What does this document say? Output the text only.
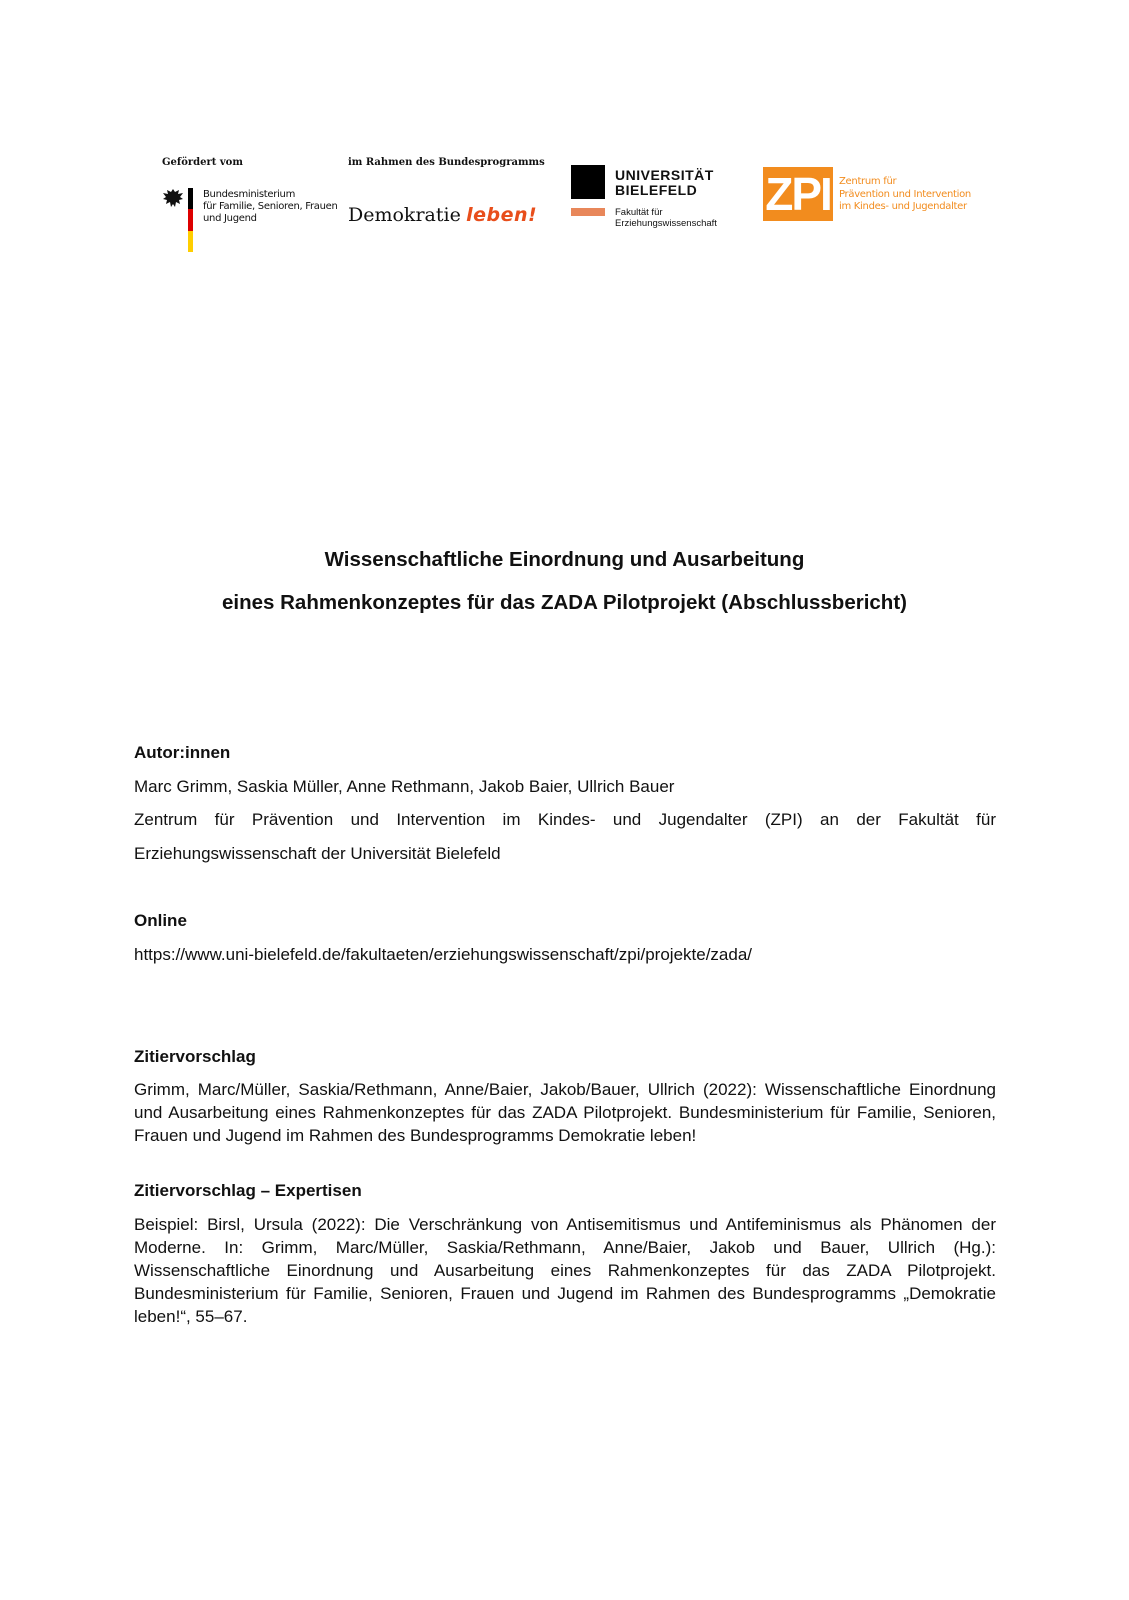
Gefördert vom
Bundesministerium
für Familie, Senioren, Frauen
und Jugend
im Rahmen des Bundesprogramms
Demokratie leben!
UNIVERSITÄT
BIELEFELD
Fakultät für
Erziehungswissenschaft
ZPI Zentrum für
Prävention und Intervention
im Kindes- und Jugendalter
Wissenschaftliche Einordnung und Ausarbeitung
eines Rahmenkonzeptes für das ZADA Pilotprojekt (Abschlussbericht)
Autor:innen
Marc Grimm, Saskia Müller, Anne Rethmann, Jakob Baier, Ullrich Bauer
Zentrum für Prävention und Intervention im Kindes- und Jugendalter (ZPI) an der Fakultät für
Erziehungswissenschaft der Universität Bielefeld
Online
https://www.uni-bielefeld.de/fakultaeten/erziehungswissenschaft/zpi/projekte/zada/
Zitiervorschlag
Grimm, Marc/Müller, Saskia/Rethmann, Anne/Baier, Jakob/Bauer, Ullrich (2022): Wissenschaftliche Einordnung und Ausarbeitung eines Rahmenkonzeptes für das ZADA Pilotprojekt. Bundesministerium für Familie, Senioren, Frauen und Jugend im Rahmen des Bundesprogramms Demokratie leben!
Zitiervorschlag – Expertisen
Beispiel: Birsl, Ursula (2022): Die Verschränkung von Antisemitismus und Antifeminismus als Phänomen der Moderne. In: Grimm, Marc/Müller, Saskia/Rethmann, Anne/Baier, Jakob und Bauer, Ullrich (Hg.): Wissenschaftliche Einordnung und Ausarbeitung eines Rahmenkonzeptes für das ZADA Pilotprojekt. Bundesministerium für Familie, Senioren, Frauen und Jugend im Rahmen des Bundesprogramms „Demokratie leben!“, 55–67.
